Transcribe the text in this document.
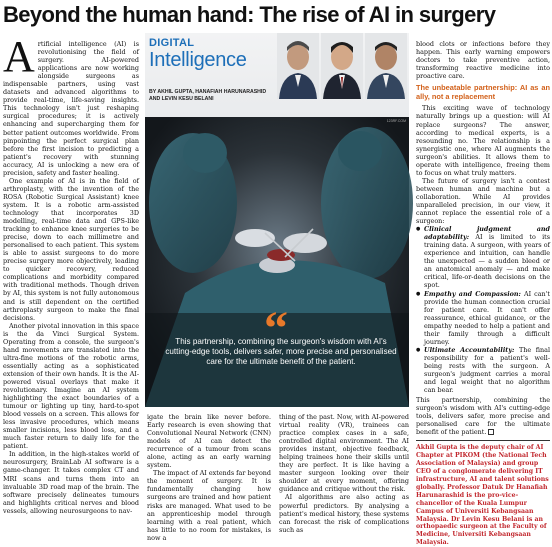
Beyond the human hand: The rise of AI in surgery

Artificial intelligence (AI) is revolutionising the field of surgery. AI-powered applications are now working alongside surgeons as indispensable partners, using vast datasets and advanced algorithms to provide real-time, life-saving insights. This technology isn't just reshaping surgical procedures; it is actively enhancing and supercharging them for better patient outcomes worldwide. From pinpointing the perfect surgical plan before the first incision to predicting a patient's recovery with stunning accuracy, AI is unlocking a new era of precision, safety and faster healing.

One example of AI is in the field of arthroplasty, with the invention of the ROSA (Robotic Surgical Assistant) knee system. It is a robotic arm-assisted technology that incorporates 3D modelling, real-time data and GPS-like tracking to enhance knee surgeries to be precise, down to each millimetre and personalised to each patient. This system is able to assist surgeons to do more precise surgery more objectively, leading to quicker recovery, reduced complications and morbidity compared with traditional methods. Though driven by AI, this system is not fully autonomous and is still dependent on the certified arthroplasty surgeon to make the final decisions.

Another pivotal innovation in this space is the da Vinci Surgical System. Operating from a console, the surgeon's hand movements are translated into the ultra-fine motions of the robotic arms, essentially acting as a sophisticated extension of their own hands. It is the AI-powered visual overlays that make it revolutionary. Imagine an AI system highlighting the exact boundaries of a tumour or lighting up tiny, hard-to-spot blood vessels on a screen. This allows for less invasive procedures, which means smaller incisions, less blood loss, and a much faster return to daily life for the patient.

In addition, in the high-stakes world of neurosurgery, BrainLab AI software is a game-changer. It takes complex CT and MRI scans and turns them into an invaluable 3D road map of the brain. The software precisely delineates tumours and highlights critical nerves and blood vessels, allowing neurosurgeons to nav-

DIGITAL
Intelligence
BY AKHIL GUPTA, HANAFIAH HARUNARASHID
AND LEVIN KESU BELANI
123RF.COM
“
This partnership, combining the surgeon's wisdom with AI's cutting-edge tools, delivers safer, more precise and personalised care for the ultimate benefit of the patient.

igate the brain like never before. Early research is even showing that Convolutional Neural Network (CNN) models of AI can detect the recurrence of a tumour from scans alone, acting as an early warning system.

The impact of AI extends far beyond the moment of surgery. It is fundamentally changing how surgeons are trained and how patient risks are managed. What used to be an apprenticeship model through learning with a real patient, which has little to no room for mistakes, is now a

thing of the past. Now, with AI-powered virtual reality (VR), trainees can practice complex cases in a safe, controlled digital environment. The AI provides instant, objective feedback, helping trainees hone their skills until they are perfect. It is like having a master surgeon looking over their shoulder at every moment, offering guidance and critique without the risk.

AI algorithms are also acting as powerful predictors. By analysing a patient's medical history, these systems can forecast the risk of complications such as

blood clots or infections before they happen. This early warning empowers doctors to take preventive action, transforming reactive medicine into proactive care.

The unbeatable partnership: AI as an ally, not a replacement

This exciting wave of technology naturally brings up a question: will AI replace surgeons? The answer, according to medical experts, is a resounding no. The relationship is a synergistic one, where AI augments the surgeon's abilities. It allows them to operate with intelligence, freeing them to focus on what truly matters.

The future of surgery isn't a contest between human and machine but a collaboration. While AI provides unparalleled precision, in our view, it cannot replace the essential role of a surgeon:

● Clinical judgment and adaptability: AI is limited to its training data. A surgeon, with years of experience and intuition, can handle the unexpected — a sudden bleed or an anatomical anomaly — and make critical, life-or-death decisions on the spot.
● Empathy and Compassion: AI can't provide the human connection crucial for patient care. It can't offer reassurance, ethical guidance, or the empathy needed to help a patient and their family through a difficult journey.
● Ultimate Accountability: The final responsibility for a patient's well-being rests with the surgeon. A surgeon's judgment carries a moral and legal weight that no algorithm can bear.

This partnership, combining the surgeon's wisdom with AI's cutting-edge tools, delivers safer, more precise and personalised care for the ultimate benefit of the patient.

Akhil Gupta is the deputy chair of AI Chapter at PIKOM (the National Tech Association of Malaysia) and group CEO of a conglomerate delivering IT infrastructure, AI and talent solutions globally. Professor Datuk Dr Hanafiah Harunarashid is the pro-vice-chancellor of the Kuala Lumpur Campus of Universiti Kebangsaan Malaysia. Dr Levin Kesu Belani is an orthopaedic surgeon at the Faculty of Medicine, Universiti Kebangsaan Malaysia.
